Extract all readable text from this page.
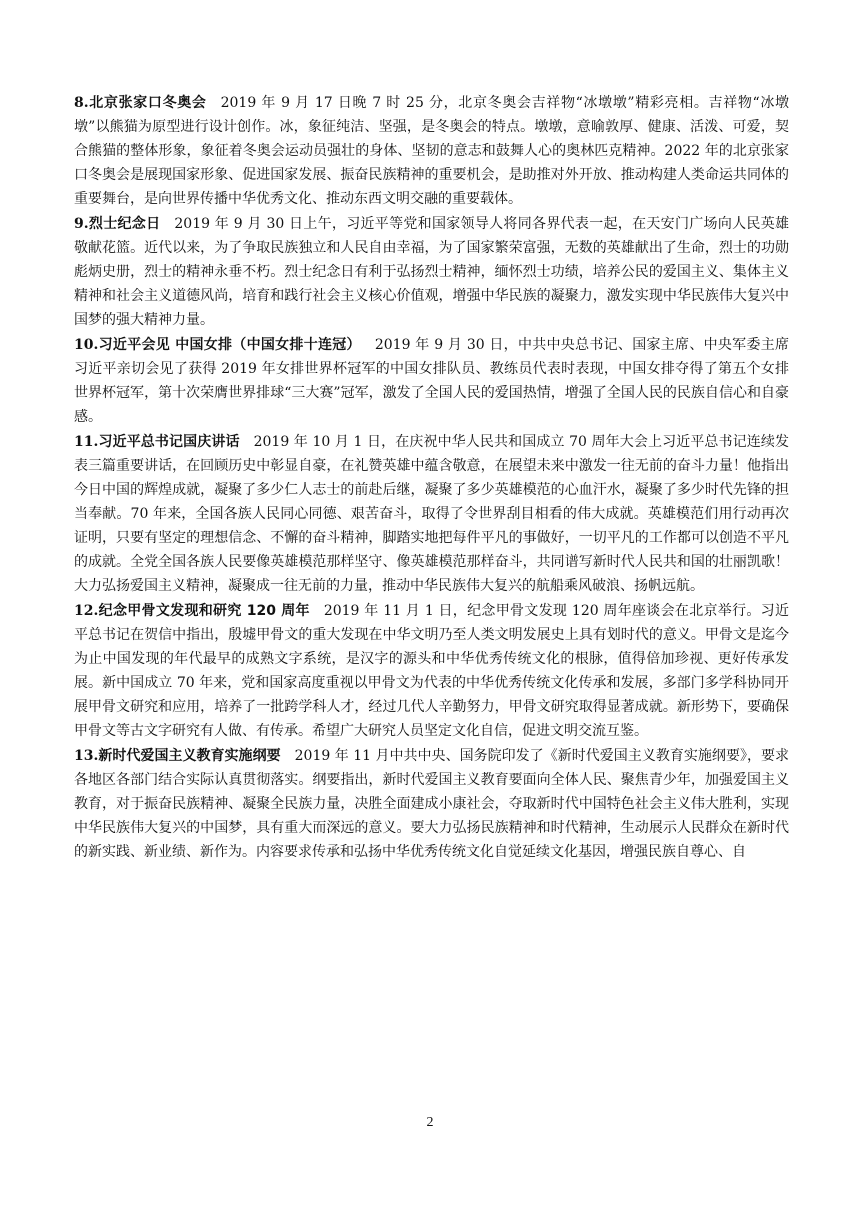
8.北京张家口冬奥会 2019 年 9 月 17 日晚 7 时 25 分，北京冬奥会吉祥物“冰墩墩”精彩亮相。吉祥物“冰墩墩”以熊猫为原型进行设计创作。冰，象征纯洁、坚强，是冬奥会的特点。墩墩，意喻敦厚、健康、活泼、可爱，契合熊猫的整体形象，象征着冬奥会运动员强壮的身体、坚韧的意志和鼓舞人心的奥林匹克精神。2022 年的北京张家口冬奥会是展现国家形象、促进国家发展、振奋民族精神的重要机会，是助推对外开放、推动构建人类命运共同体的重要舞台，是向世界传播中华优秀文化、推动东西文明交融的重要载体。

9.烈士纪念日 2019 年 9 月 30 日上午，习近平等党和国家领导人将同各界代表一起，在天安门广场向人民英雄敬献花篮。近代以来，为了争取民族独立和人民自由幸福，为了国家繁荣富强，无数的英雄献出了生命，烈士的功勋彪炳史册，烈士的精神永垂不朽。烈士纪念日有利于弘扬烈士精神，缅怀烈士功绩，培养公民的爱国主义、集体主义精神和社会主义道德风尚，培育和践行社会主义核心价值观，增强中华民族的凝聚力，激发实现中华民族伟大复兴中国梦的强大精神力量。

10.习近平会见 中国女排（中国女排十连冠） 2019 年 9 月 30 日，中共中央总书记、国家主席、中央军委主席习近平亲切会见了获得 2019 年女排世界杯冠军的中国女排队员、教练员代表时表现，中国女排夺得了第五个女排世界杯冠军，第十次荣膺世界排球“三大赛”冠军，激发了全国人民的爱国热情，增强了全国人民的民族自信心和自豪感。

11.习近平总书记国庆讲话 2019 年 10 月 1 日，在庆祝中华人民共和国成立 70 周年大会上习近平总书记连续发表三篇重要讲话，在回顾历史中彰显自豪，在礼赞英雄中蕴含敬意，在展望未来中激发一往无前的奋斗力量！他指出今日中国的辉煌成就，凝聚了多少仁人志士的前赴后继，凝聚了多少英雄模范的心血汗水，凝聚了多少时代先锋的担当奉献。70 年来，全国各族人民同心同德、艰苦奋斗，取得了令世界刮目相看的伟大成就。英雄模范们用行动再次证明，只要有坚定的理想信念、不懈的奋斗精神，脚踏实地把每件平凡的事做好，一切平凡的工作都可以创造不平凡的成就。全党全国各族人民要像英雄模范那样坚守、像英雄模范那样奋斗，共同谱写新时代人民共和国的壮丽凯歌！大力弘扬爱国主义精神，凝聚成一往无前的力量，推动中华民族伟大复兴的航船乘风破浪、扬帆远航。

12.纪念甲骨文发现和研究 120 周年 2019 年 11 月 1 日，纪念甲骨文发现 120 周年座谈会在北京举行。习近平总书记在贺信中指出，殷墟甲骨文的重大发现在中华文明乃至人类文明发展史上具有划时代的意义。甲骨文是迄今为止中国发现的年代最早的成熟文字系统，是汉字的源头和中华优秀传统文化的根脉，值得倍加珍视、更好传承发展。新中国成立 70 年来，党和国家高度重视以甲骨文为代表的中华优秀传统文化传承和发展，多部门多学科协同开展甲骨文研究和应用，培养了一批跨学科人才，经过几代人辛勤努力，甲骨文研究取得显著成就。新形势下，要确保甲骨文等古文字研究有人做、有传承。希望广大研究人员坚定文化自信，促进文明交流互鉴。

13.新时代爱国主义教育实施纲要 2019 年 11 月中共中央、国务院印发了《新时代爱国主义教育实施纲要》，要求各地区各部门结合实际认真贯彻落实。纲要指出，新时代爱国主义教育要面向全体人民、聚焦青少年，加强爱国主义教育，对于振奋民族精神、凝聚全民族力量，决胜全面建成小康社会，夺取新时代中国特色社会主义伟大胜利，实现中华民族伟大复兴的中国梦，具有重大而深远的意义。要大力弘扬民族精神和时代精神，生动展示人民群众在新时代的新实践、新业绩、新作为。内容要求传承和弘扬中华优秀传统文化自觉延续文化基因，增强民族自尊心、自

2
